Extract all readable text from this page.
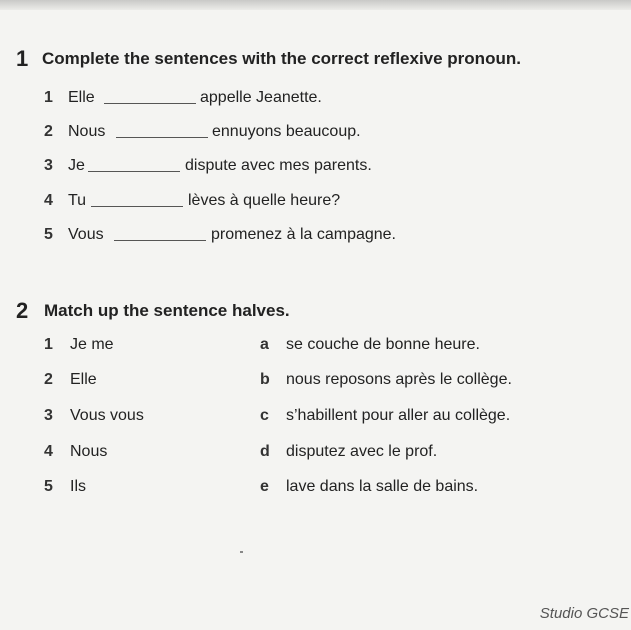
1 Complete the sentences with the correct reflexive pronoun.
1 Elle	appelle Jeanette.
2 Nous	ennuyons beaucoup.
3 Je	dispute avec mes parents.
4 Tu	lèves à quelle heure?
5 Vous	promenez à la campagne.
2 Match up the sentence halves.
1 Je me	a se couche de bonne heure.
2 Elle	b nous reposons après le collège.
3 Vous vous	c s’habillent pour aller au collège.
4 Nous	d disputez avec le prof.
5 Ils	e lave dans la salle de bains.
Studio GCSE
